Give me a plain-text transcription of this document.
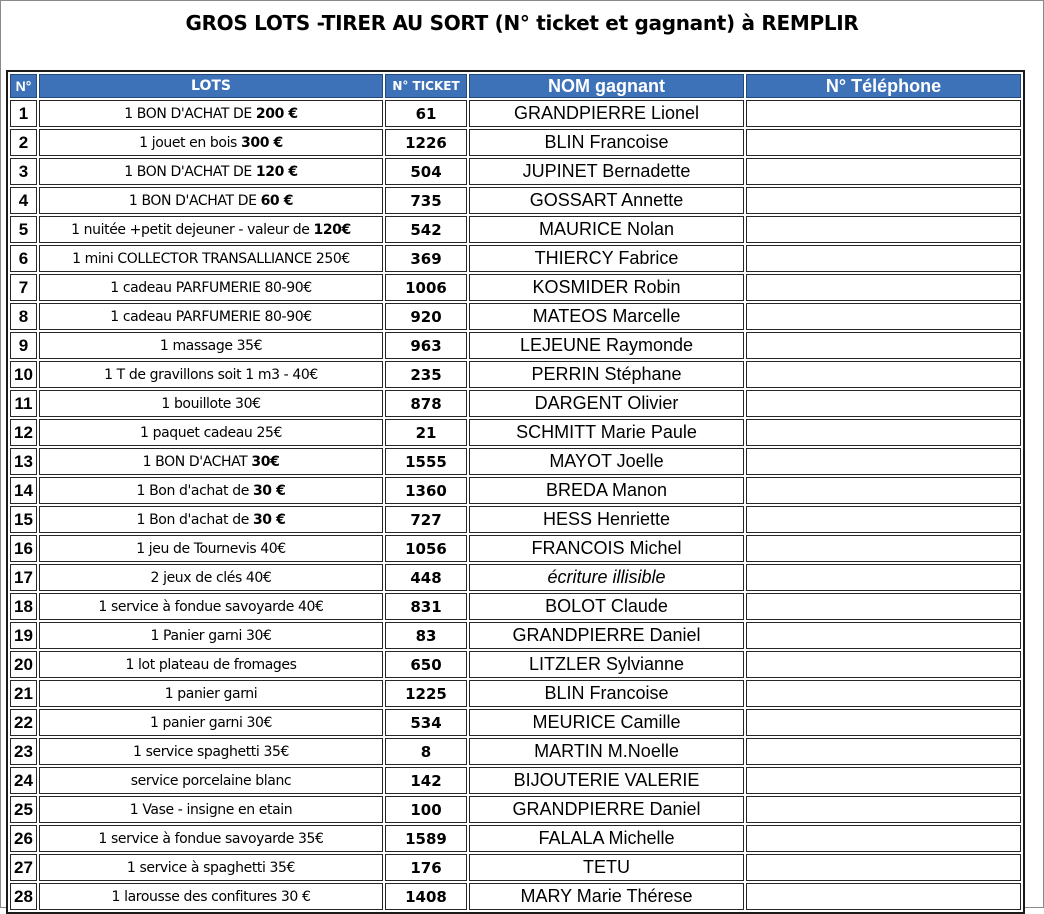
GROS LOTS -TIRER AU SORT (N° ticket et gagnant) à REMPLIR
N°	LOTS	N° TICKET	NOM gagnant	N° Téléphone
1	1 BON D'ACHAT DE 200 €	61	GRANDPIERRE Lionel	
2	1 jouet en bois 300 €	1226	BLIN Francoise	
3	1 BON D'ACHAT DE 120 €	504	JUPINET Bernadette	
4	1 BON D'ACHAT DE 60 €	735	GOSSART Annette	
5	1 nuitée +petit dejeuner - valeur de 120€	542	MAURICE Nolan	
6	1 mini COLLECTOR TRANSALLIANCE 250€	369	THIERCY Fabrice	
7	1 cadeau PARFUMERIE 80-90€	1006	KOSMIDER Robin	
8	1 cadeau PARFUMERIE 80-90€	920	MATEOS Marcelle	
9	1 massage 35€	963	LEJEUNE Raymonde	
10	1 T de gravillons soit 1 m3 - 40€	235	PERRIN Stéphane	
11	1 bouillote 30€	878	DARGENT Olivier	
12	1 paquet cadeau 25€	21	SCHMITT Marie Paule	
13	1 BON D'ACHAT 30€	1555	MAYOT Joelle	
14	1 Bon d'achat de 30 €	1360	BREDA Manon	
15	1 Bon d'achat de 30 €	727	HESS Henriette	
16	1 jeu de Tournevis 40€	1056	FRANCOIS Michel	
17	2 jeux de clés 40€	448	écriture illisible	
18	1 service à fondue savoyarde 40€	831	BOLOT Claude	
19	1 Panier garni 30€	83	GRANDPIERRE Daniel	
20	1 lot plateau de fromages	650	LITZLER Sylvianne	
21	1 panier garni	1225	BLIN Francoise	
22	1 panier garni 30€	534	MEURICE Camille	
23	1 service spaghetti 35€	8	MARTIN M.Noelle	
24	service porcelaine blanc	142	BIJOUTERIE VALERIE	
25	1 Vase - insigne en etain	100	GRANDPIERRE Daniel	
26	1 service à fondue savoyarde 35€	1589	FALALA Michelle	
27	1 service à spaghetti 35€	176	TETU	
28	1 larousse des confitures 30 €	1408	MARY Marie Thérese	
